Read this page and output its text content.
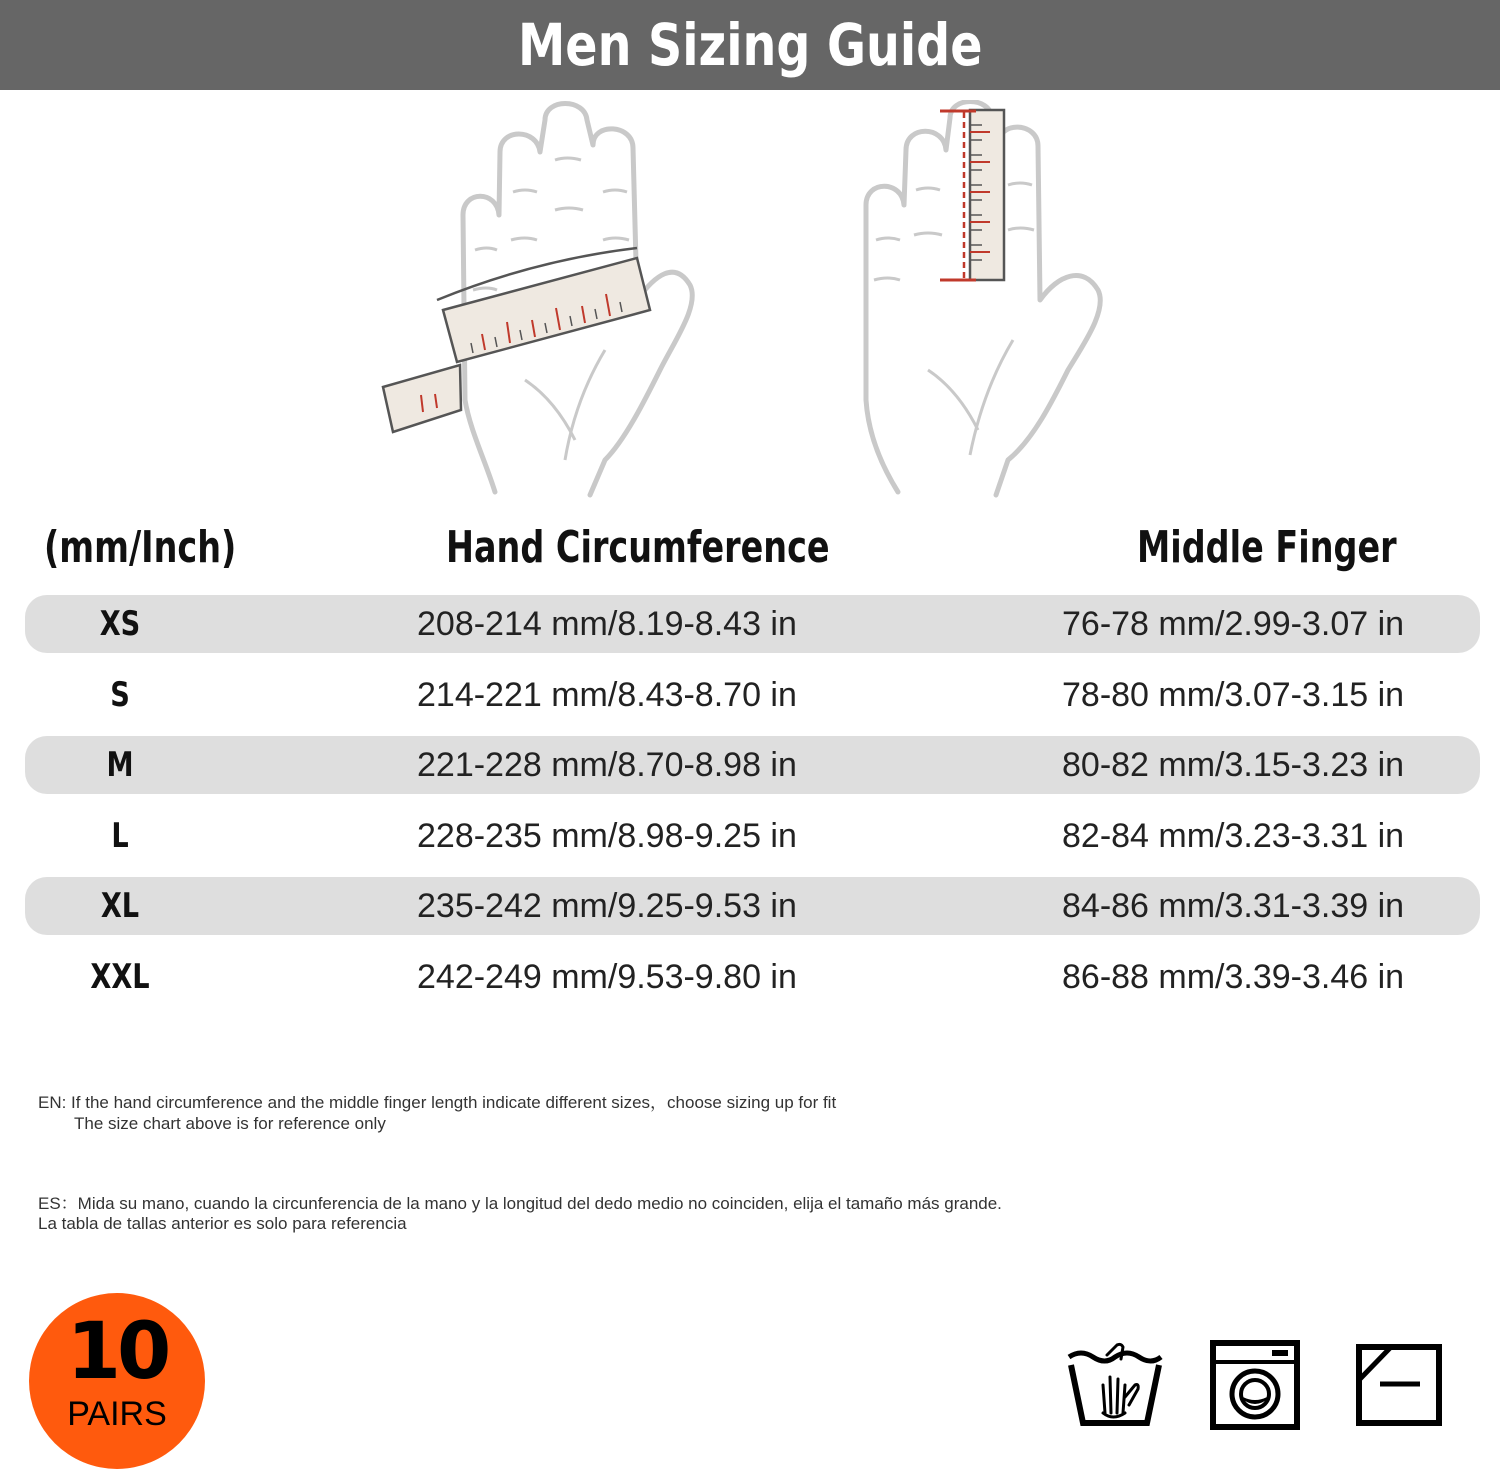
Men Sizing Guide
(mm/Inch)	Hand Circumference	Middle Finger
XS	208-214 mm/8.19-8.43 in	76-78 mm/2.99-3.07 in
S	214-221 mm/8.43-8.70 in	78-80 mm/3.07-3.15 in
M	221-228 mm/8.70-8.98 in	80-82 mm/3.15-3.23 in
L	228-235 mm/8.98-9.25 in	82-84 mm/3.23-3.31 in
XL	235-242 mm/9.25-9.53 in	84-86 mm/3.31-3.39 in
XXL	242-249 mm/9.53-9.80 in	86-88 mm/3.39-3.46 in
EN: If the hand circumference and the middle finger length indicate different sizes，choose sizing up for fit
The size chart above is for reference only
ES：Mida su mano, cuando la circunferencia de la mano y la longitud del dedo medio no coinciden, elija el tamaño más grande.
La tabla de tallas anterior es solo para referencia
10
PAIRS
